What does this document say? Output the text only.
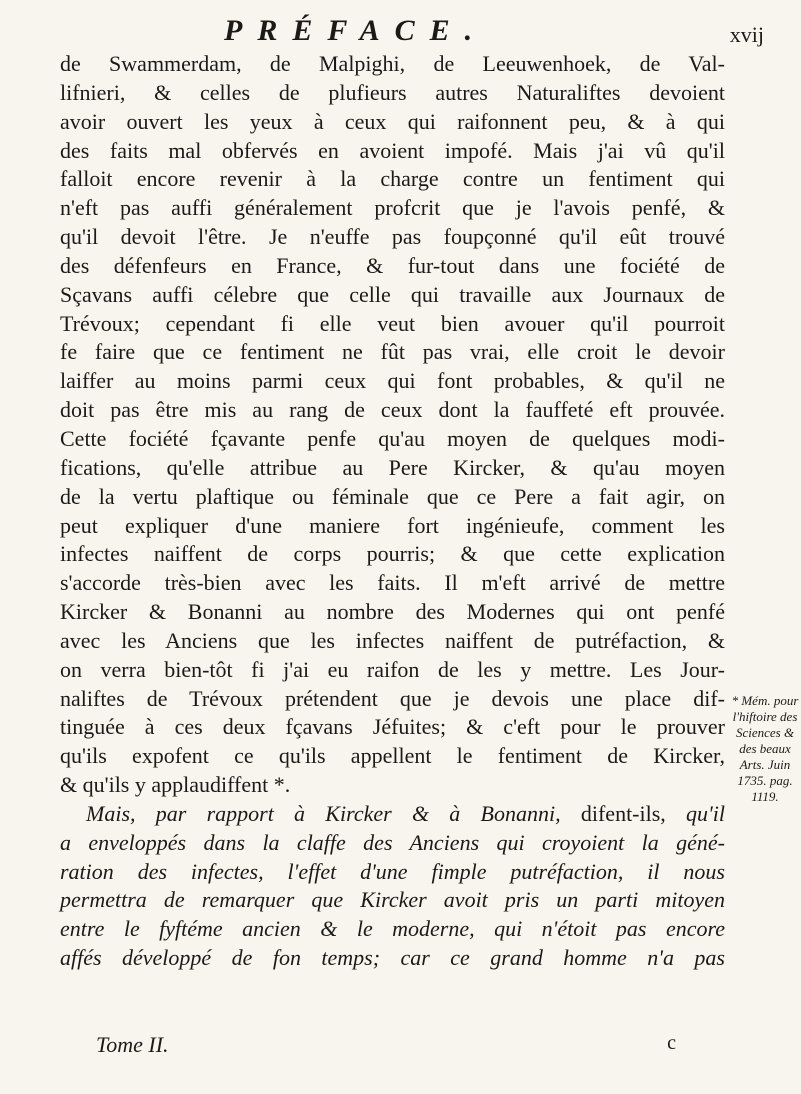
PRÉFACE.	xvij
de Swammerdam, de Malpighi, de Leeuwenhoek, de Val-
lifnieri, & celles de plufieurs autres Naturaliftes devoient
avoir ouvert les yeux à ceux qui raifonnent peu, & à qui
des faits mal obfervés en avoient impofé. Mais j'ai vû qu'il
falloit encore revenir à la charge contre un fentiment qui
n'eft pas auffi généralement profcrit que je l'avois penfé, &
qu'il devoit l'être. Je n'euffe pas foupçonné qu'il eût trouvé
des défenfeurs en France, & fur-tout dans une fociété de
Sçavans auffi célebre que celle qui travaille aux Journaux de
Trévoux; cependant fi elle veut bien avouer qu'il pourroit
fe faire que ce fentiment ne fût pas vrai, elle croit le devoir
laiffer au moins parmi ceux qui font probables, & qu'il ne
doit pas être mis au rang de ceux dont la fauffeté eft prouvée.
Cette fociété fçavante penfe qu'au moyen de quelques modi-
fications, qu'elle attribue au Pere Kircker, & qu'au moyen
de la vertu plaftique ou féminale que ce Pere a fait agir, on
peut expliquer d'une maniere fort ingénieufe, comment les
infectes naiffent de corps pourris; & que cette explication
s'accorde très-bien avec les faits. Il m'eft arrivé de mettre
Kircker & Bonanni au nombre des Modernes qui ont penfé
avec les Anciens que les infectes naiffent de putréfaction, &
on verra bien-tôt fi j'ai eu raifon de les y mettre. Les Jour-
naliftes de Trévoux prétendent que je devois une place dif-
tinguée à ces deux fçavans Jéfuites; & c'eft pour le prouver
qu'ils expofent ce qu'ils appellent le fentiment de Kircker,
& qu'ils y applaudiffent *.
Mais, par rapport à Kircker & à Bonanni, difent-ils, qu'il
a enveloppés dans la claffe des Anciens qui croyoient la géné-
ration des infectes, l'effet d'une fimple putréfaction, il nous
permettra de remarquer que Kircker avoit pris un parti mitoyen
entre le fyftéme ancien & le moderne, qui n'étoit pas encore
affés développé de fon temps; car ce grand homme n'a pas
* Mém. pour
l'hiftoire des
Sciences &
des beaux
Arts. Juin
1735. pag.
1119.
Tome II.	c
